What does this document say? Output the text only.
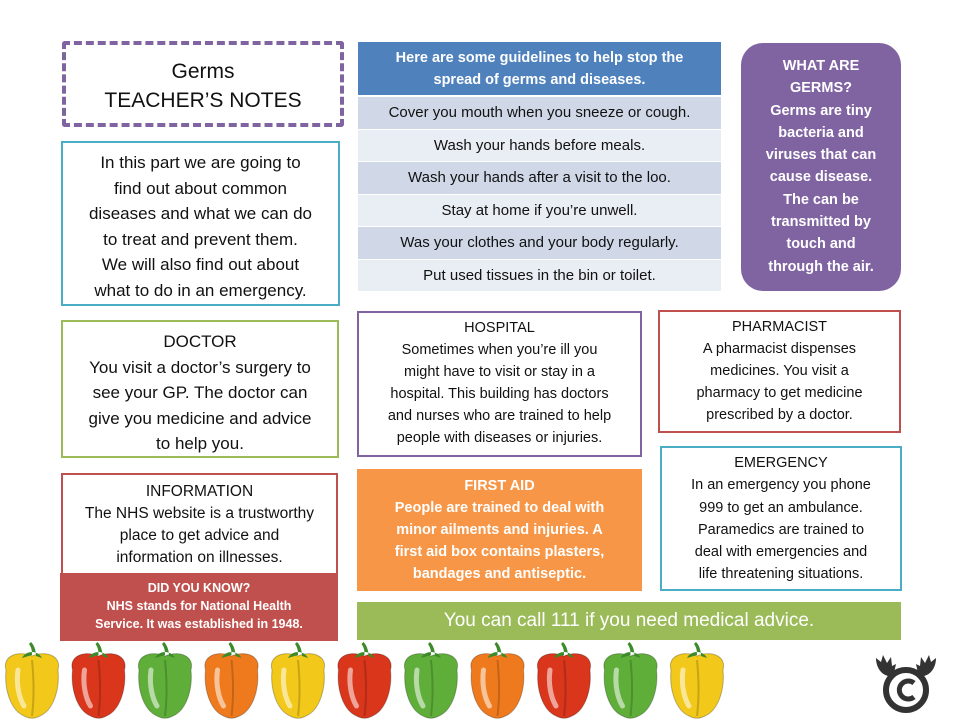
Germs
TEACHER’S NOTES
In this part we are going to
find out about common
diseases and what we can do
to treat and prevent them.
We will also find out about
what to do in an emergency.
DOCTOR
You visit a doctor’s surgery to
see your GP. The doctor can
give you medicine and advice
to help you.
INFORMATION
The NHS website is a trustworthy
place to get advice and
information on illnesses.
DID YOU KNOW?
NHS stands for National Health
Service. It was established in 1948.
Here are some guidelines to help stop the
spread of germs and diseases.
Cover you mouth when you sneeze or cough.
Wash your hands before meals.
Wash your hands after a visit to the loo.
Stay at home if you’re unwell.
Was your clothes and your body regularly.
Put used tissues in the bin or toilet.
WHAT ARE
GERMS?
Germs are tiny
bacteria and
viruses that can
cause disease.
The can be
transmitted by
touch and
through the air.
HOSPITAL
Sometimes when you’re ill you
might have to visit or stay in a
hospital. This building has doctors
and nurses who are trained to help
people with diseases or injuries.
PHARMACIST
A pharmacist dispenses
medicines. You visit a
pharmacy to get medicine
prescribed by a doctor.
FIRST AID
People are trained to deal with
minor ailments and injuries. A
first aid box contains plasters,
bandages and antiseptic.
EMERGENCY
In an emergency you phone
999 to get an ambulance.
Paramedics are trained to
deal with emergencies and
life threatening situations.
You can call 111 if you need medical advice.
